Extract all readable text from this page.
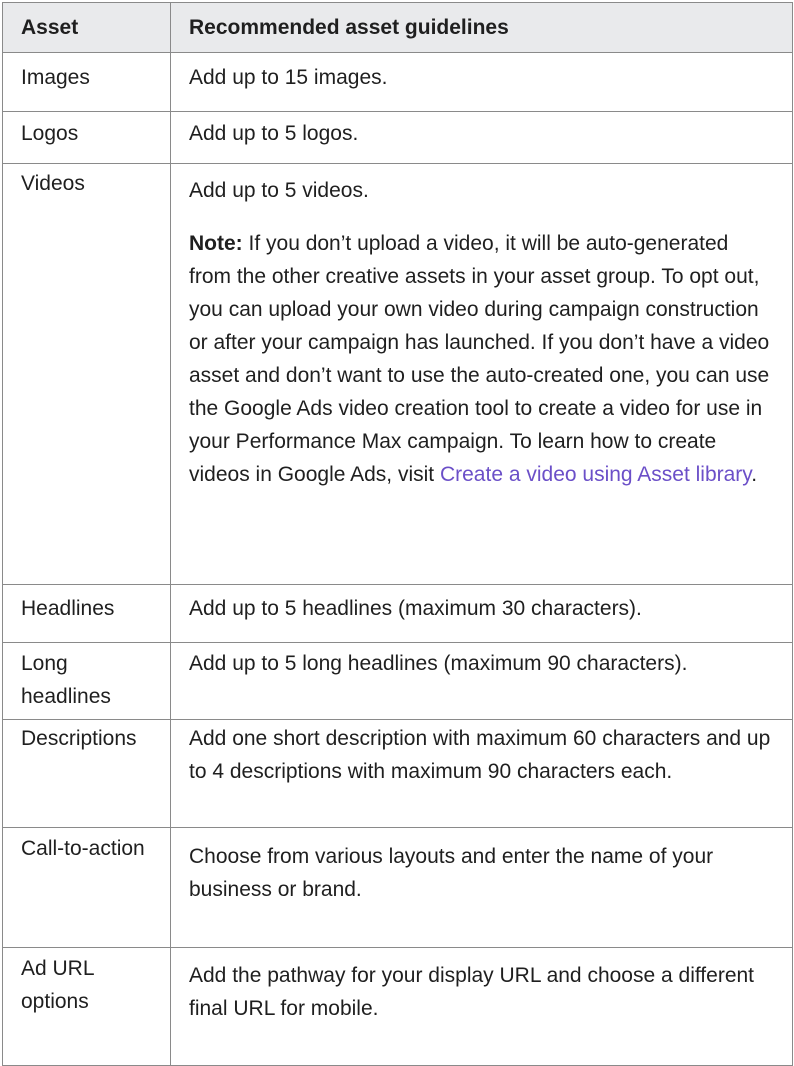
Asset	Recommended asset guidelines
Images	Add up to 15 images.
Logos	Add up to 5 logos.
Videos	Add up to 5 videos.

Note: If you don’t upload a video, it will be auto-generated from the other creative assets in your asset group. To opt out, you can upload your own video during campaign construction or after your campaign has launched. If you don’t have a video asset and don’t want to use the auto-created one, you can use the Google Ads video creation tool to create a video for use in your Performance Max campaign. To learn how to create videos in Google Ads, visit Create a video using Asset library.

Headlines	Add up to 5 headlines (maximum 30 characters).
Long headlines	Add up to 5 long headlines (maximum 90 characters).
Descriptions	Add one short description with maximum 60 characters and up to 4 descriptions with maximum 90 characters each.
Call-to-action	Choose from various layouts and enter the name of your business or brand.
Ad URL options	Add the pathway for your display URL and choose a different final URL for mobile.
